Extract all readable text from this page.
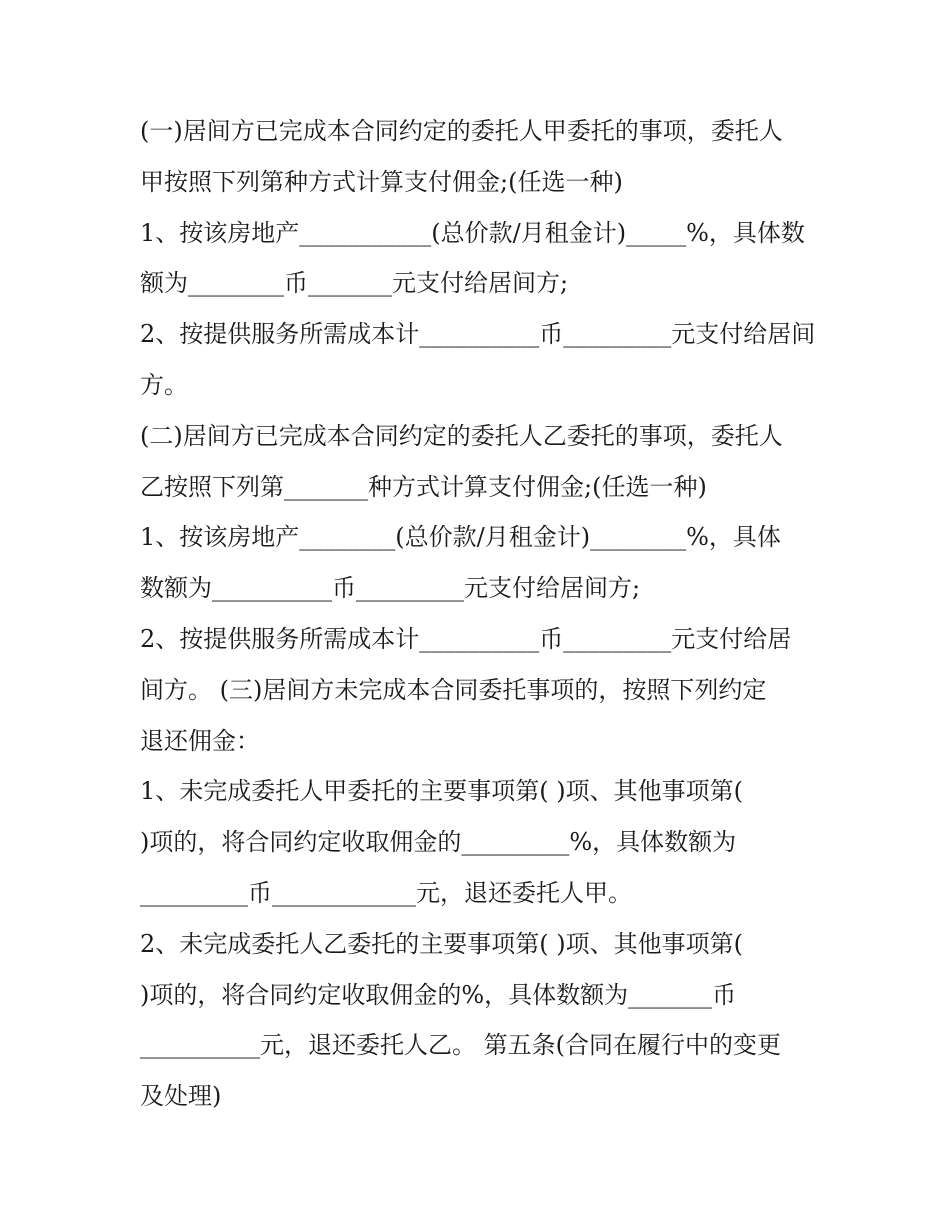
(一)居间方已完成本合同约定的委托人甲委托的事项，委托人
甲按照下列第种方式计算支付佣金;(任选一种)
1、按该房地产___________(总价款/月租金计)_____%，具体数
额为________币_______元支付给居间方;
2、按提供服务所需成本计__________币_________元支付给居间
方。
(二)居间方已完成本合同约定的委托人乙委托的事项，委托人
乙按照下列第_______种方式计算支付佣金;(任选一种)
1、按该房地产________(总价款/月租金计)________%，具体
数额为__________币_________元支付给居间方;
2、按提供服务所需成本计__________币_________元支付给居
间方。 (三)居间方未完成本合同委托事项的，按照下列约定
退还佣金：
1、未完成委托人甲委托的主要事项第( )项、其他事项第(
)项的，将合同约定收取佣金的_________%，具体数额为
_________币____________元，退还委托人甲。
2、未完成委托人乙委托的主要事项第( )项、其他事项第(
)项的，将合同约定收取佣金的%，具体数额为_______币
__________元，退还委托人乙。 第五条(合同在履行中的变更
及处理)
